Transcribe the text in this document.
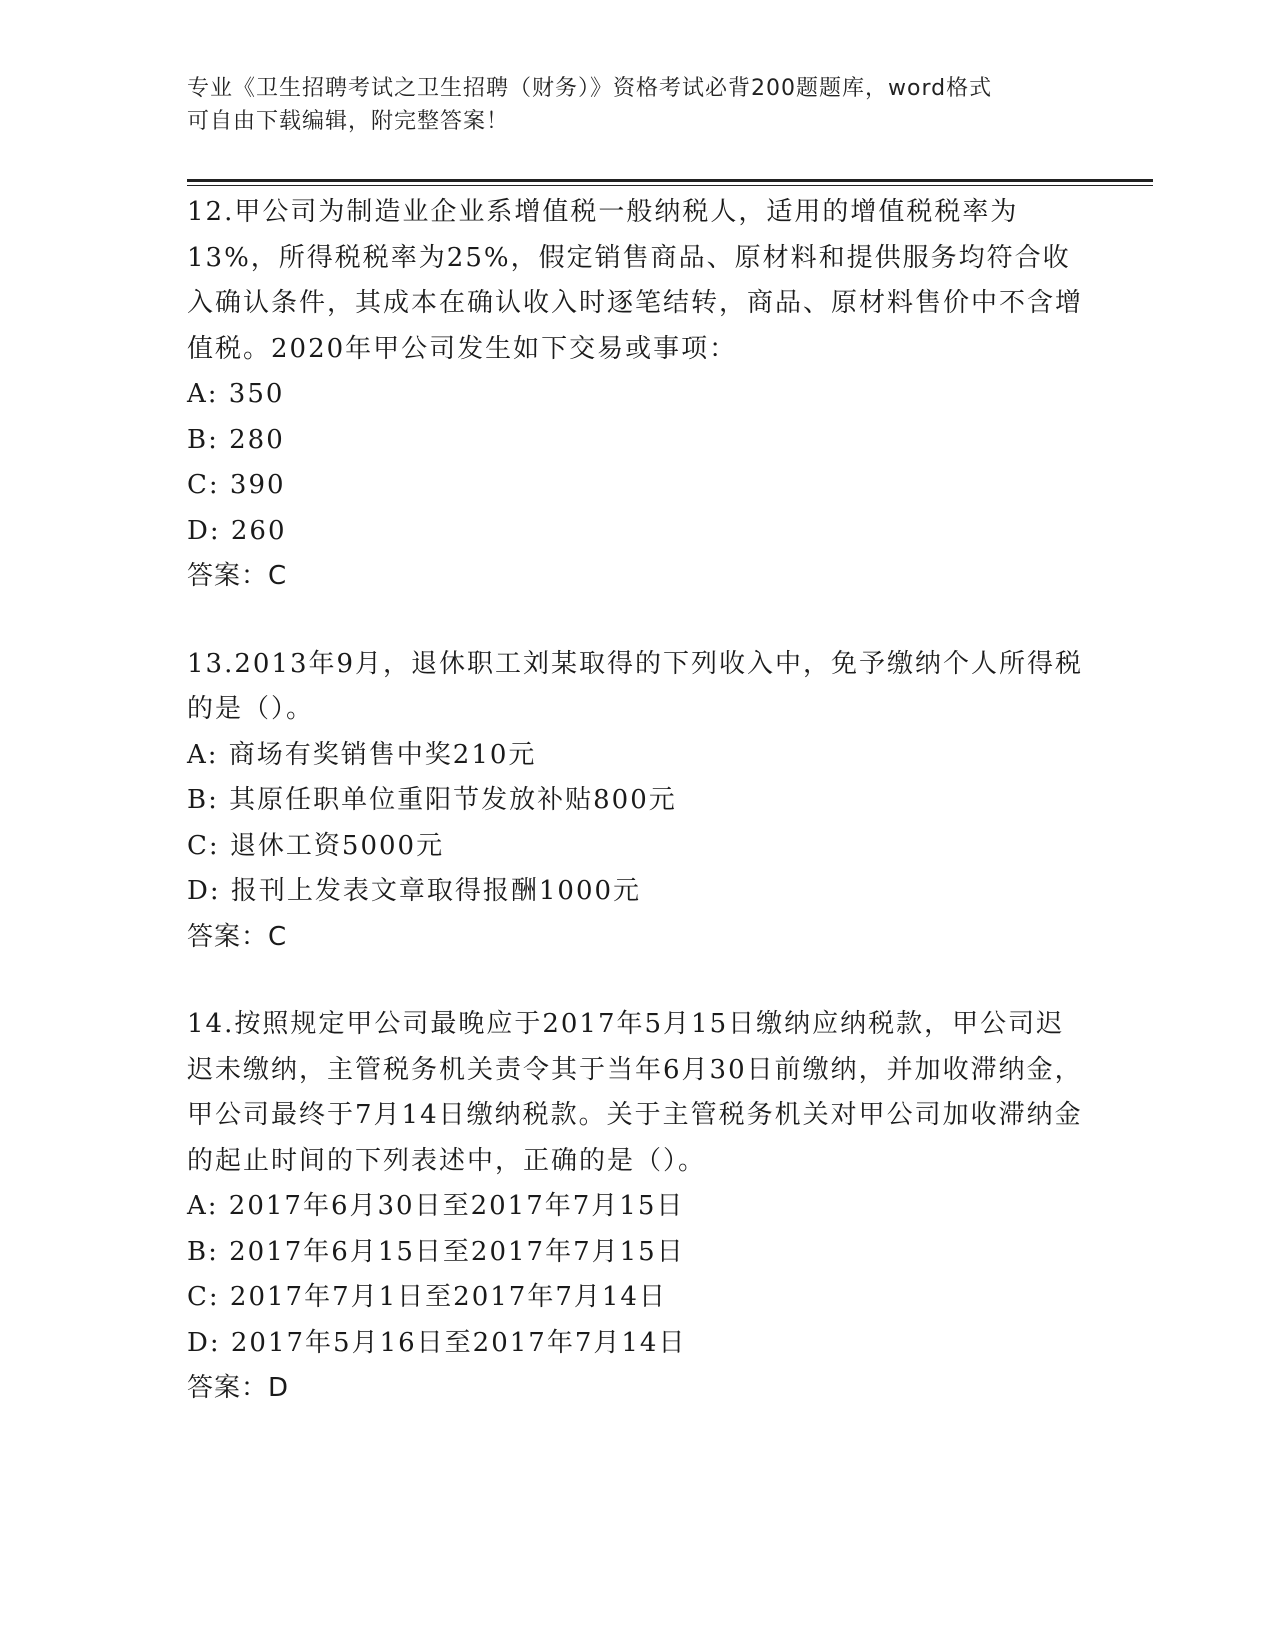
专业《卫生招聘考试之卫生招聘（财务）》资格考试必背200题题库，word格式
可自由下载编辑，附完整答案！

12.甲公司为制造业企业系增值税一般纳税人，适用的增值税税率为13%，所得税税率为25%，假定销售商品、原材料和提供服务均符合收入确认条件，其成本在确认收入时逐笔结转，商品、原材料售价中不含增值税。2020年甲公司发生如下交易或事项：

A: 350

B: 280

C: 390

D: 260

答案：C

13.2013年9月，退休职工刘某取得的下列收入中，免予缴纳个人所得税的是（）。

A: 商场有奖销售中奖210元

B: 其原任职单位重阳节发放补贴800元

C: 退休工资5000元

D: 报刊上发表文章取得报酬1000元

答案：C

14.按照规定甲公司最晚应于2017年5月15日缴纳应纳税款，甲公司迟迟未缴纳，主管税务机关责令其于当年6月30日前缴纳，并加收滞纳金，甲公司最终于7月14日缴纳税款。关于主管税务机关对甲公司加收滞纳金的起止时间的下列表述中，正确的是（）。

A: 2017年6月30日至2017年7月15日

B: 2017年6月15日至2017年7月15日

C: 2017年7月1日至2017年7月14日

D: 2017年5月16日至2017年7月14日

答案：D
